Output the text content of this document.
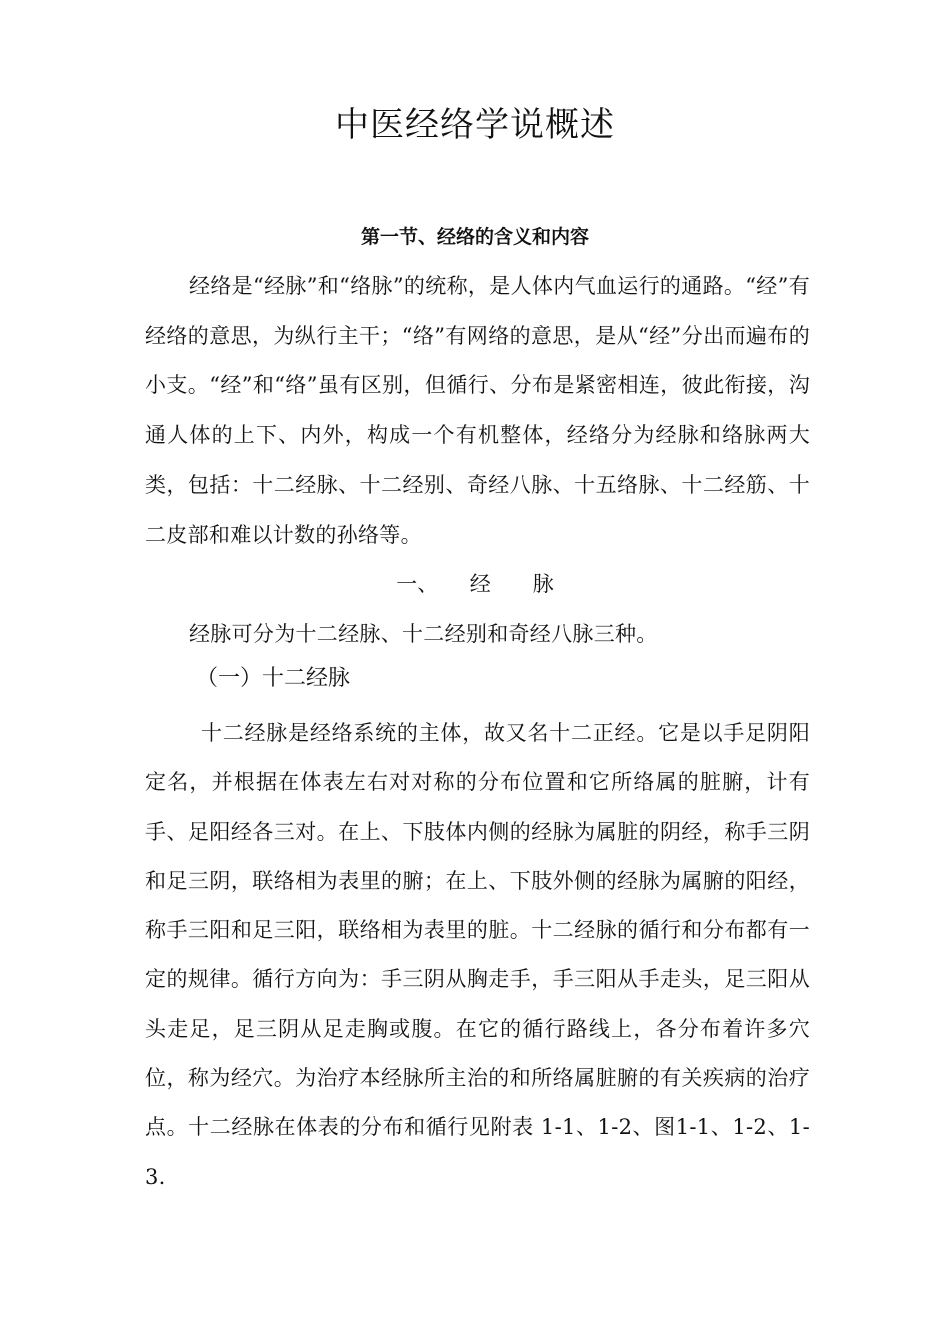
中医经络学说概述
第一节、经络的含义和内容

经络是“经脉”和“络脉”的统称，是人体内气血运行的通路。“经”有经络的意思，为纵行主干；“络”有网络的意思，是从“经”分出而遍布的小支。“经”和“络”虽有区别，但循行、分布是紧密相连，彼此衔接，沟通人体的上下、内外，构成一个有机整体，经络分为经脉和络脉两大类，包括：十二经脉、十二经别、奇经八脉、十五络脉、十二经筋、十二皮部和难以计数的孙络等。

一、　　经　　脉

经脉可分为十二经脉、十二经别和奇经八脉三种。

（一）十二经脉

十二经脉是经络系统的主体，故又名十二正经。它是以手足阴阳定名，并根据在体表左右对对称的分布位置和它所络属的脏腑，计有手、足阳经各三对。在上、下肢体内侧的经脉为属脏的阴经，称手三阴和足三阴，联络相为表里的腑；在上、下肢外侧的经脉为属腑的阳经，称手三阳和足三阳，联络相为表里的脏。十二经脉的循行和分布都有一定的规律。循行方向为：手三阴从胸走手，手三阳从手走头，足三阳从头走足，足三阴从足走胸或腹。在它的循行路线上，各分布着许多穴位，称为经穴。为治疗本经脉所主治的和所络属脏腑的有关疾病的治疗点。十二经脉在体表的分布和循行见附表 1-1、1-2、图1-1、1-2、1-3.
